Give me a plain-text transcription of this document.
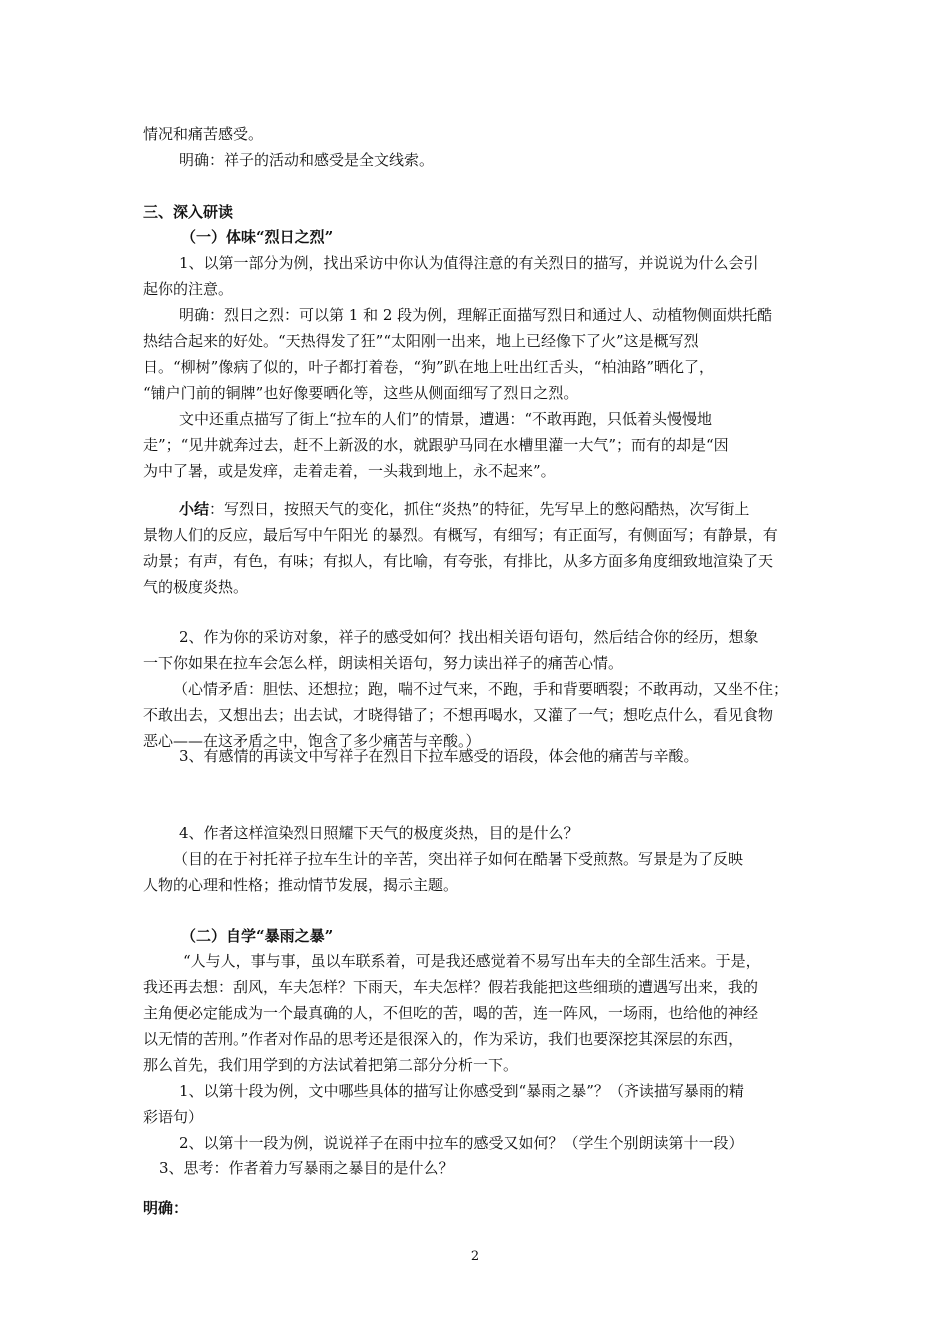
情况和痛苦感受。

明确：祥子的活动和感受是全文线索。

三、深入研读

（一）体味“烈日之烈”

1、以第一部分为例，找出采访中你认为值得注意的有关烈日的描写，并说说为什么会引
起你的注意。

明确：烈日之烈：可以第 1 和 2 段为例，理解正面描写烈日和通过人、动植物侧面烘托酷
热结合起来的好处。“天热得发了狂”“太阳刚一出来，地上已经像下了火”这是概写烈
日。“柳树”像病了似的，叶子都打着卷，“狗”趴在地上吐出红舌头，“柏油路”晒化了，
“铺户门前的铜牌”也好像要晒化等，这些从侧面细写了烈日之烈。

文中还重点描写了街上“拉车的人们”的情景，遭遇：“不敢再跑，只低着头慢慢地
走”；“见井就奔过去，赶不上新汲的水，就跟驴马同在水槽里灌一大气”；而有的却是“因
为中了暑，或是发痒，走着走着，一头栽到地上，永不起来”。

小结：写烈日，按照天气的变化，抓住“炎热”的特征，先写早上的憋闷酷热，次写街上
景物人们的反应，最后写中午阳光 的暴烈。有概写，有细写；有正面写，有侧面写；有静景，有
动景；有声，有色，有味；有拟人，有比喻，有夸张，有排比，从多方面多角度细致地渲染了天
气的极度炎热。

2、作为你的采访对象，祥子的感受如何？找出相关语句语句，然后结合你的经历，想象
一下你如果在拉车会怎么样，朗读相关语句，努力读出祥子的痛苦心情。

（心情矛盾：胆怯、还想拉；跑，喘不过气来，不跑，手和背要晒裂；不敢再动，又坐不住；
不敢出去，又想出去；出去试，才晓得错了；不想再喝水，又灌了一气；想吃点什么，看见食物
恶心——在这矛盾之中，饱含了多少痛苦与辛酸。）

3、有感情的再读文中写祥子在烈日下拉车感受的语段，体会他的痛苦与辛酸。

4、作者这样渲染烈日照耀下天气的极度炎热，目的是什么？

（目的在于衬托祥子拉车生计的辛苦，突出祥子如何在酷暑下受煎熬。写景是为了反映
人物的心理和性格；推动情节发展，揭示主题。

（二）自学“暴雨之暴”

“人与人，事与事，虽以车联系着，可是我还感觉着不易写出车夫的全部生活来。于是，
我还再去想：刮风，车夫怎样？下雨天，车夫怎样？假若我能把这些细琐的遭遇写出来，我的
主角便必定能成为一个最真确的人，不但吃的苦，喝的苦，连一阵风，一场雨，也给他的神经
以无情的苦刑。”作者对作品的思考还是很深入的，作为采访，我们也要深挖其深层的东西，
那么首先，我们用学到的方法试着把第二部分分析一下。

1、以第十段为例，文中哪些具体的描写让你感受到“暴雨之暴”？（齐读描写暴雨的精
彩语句）

2、以第十一段为例，说说祥子在雨中拉车的感受又如何？（学生个别朗读第十一段）

3、思考：作者着力写暴雨之暴目的是什么？

明确：

2
